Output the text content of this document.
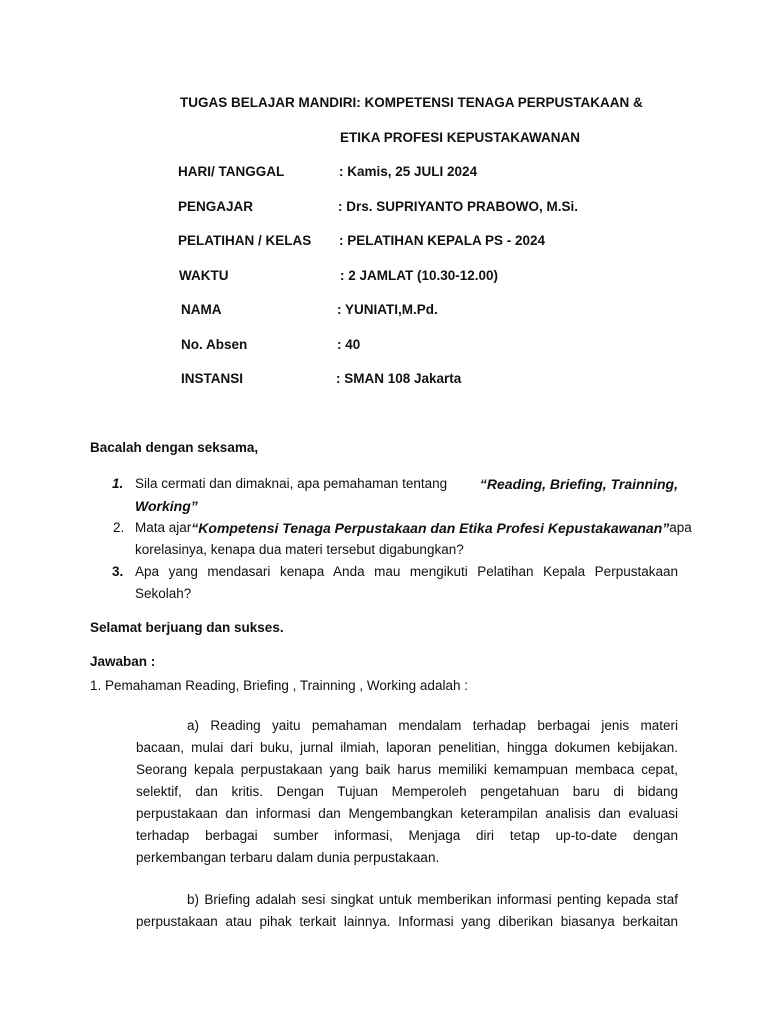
TUGAS BELAJAR MANDIRI: KOMPETENSI TENAGA PERPUSTAKAAN &
ETIKA PROFESI KEPUSTAKAWANAN
HARI/ TANGGAL	: Kamis, 25 JULI 2024
PENGAJAR	: Drs. SUPRIYANTO PRABOWO, M.Si.
PELATIHAN / KELAS : PELATIHAN KEPALA PS - 2024
WAKTU	: 2 JAMLAT (10.30-12.00)
NAMA	: YUNIATI,M.Pd.
No. Absen	: 40
INSTANSI	: SMAN 108 Jakarta
Bacalah dengan seksama,
1. Sila cermati dan dimaknai, apa pemahaman tentang “Reading, Briefing, Trainning,
Working”
2. Mata ajar “Kompetensi Tenaga Perpustakaan dan Etika Profesi Kepustakawanan” apa
korelasinya, kenapa dua materi tersebut digabungkan?
3. Apa yang mendasari kenapa Anda mau mengikuti Pelatihan Kepala Perpustakaan
Sekolah?
Selamat berjuang dan sukses.
Jawaban :
1. Pemahaman Reading, Briefing , Trainning , Working adalah :
a) Reading yaitu pemahaman mendalam terhadap berbagai jenis materi
bacaan, mulai dari buku, jurnal ilmiah, laporan penelitian, hingga dokumen kebijakan.
Seorang kepala perpustakaan yang baik harus memiliki kemampuan membaca cepat,
selektif, dan kritis. Dengan Tujuan Memperoleh pengetahuan baru di bidang
perpustakaan dan informasi dan Mengembangkan keterampilan analisis dan evaluasi
terhadap berbagai sumber informasi, Menjaga diri tetap up-to-date dengan
perkembangan terbaru dalam dunia perpustakaan.
b) Briefing adalah sesi singkat untuk memberikan informasi penting kepada staf
perpustakaan atau pihak terkait lainnya. Informasi yang diberikan biasanya berkaitan
